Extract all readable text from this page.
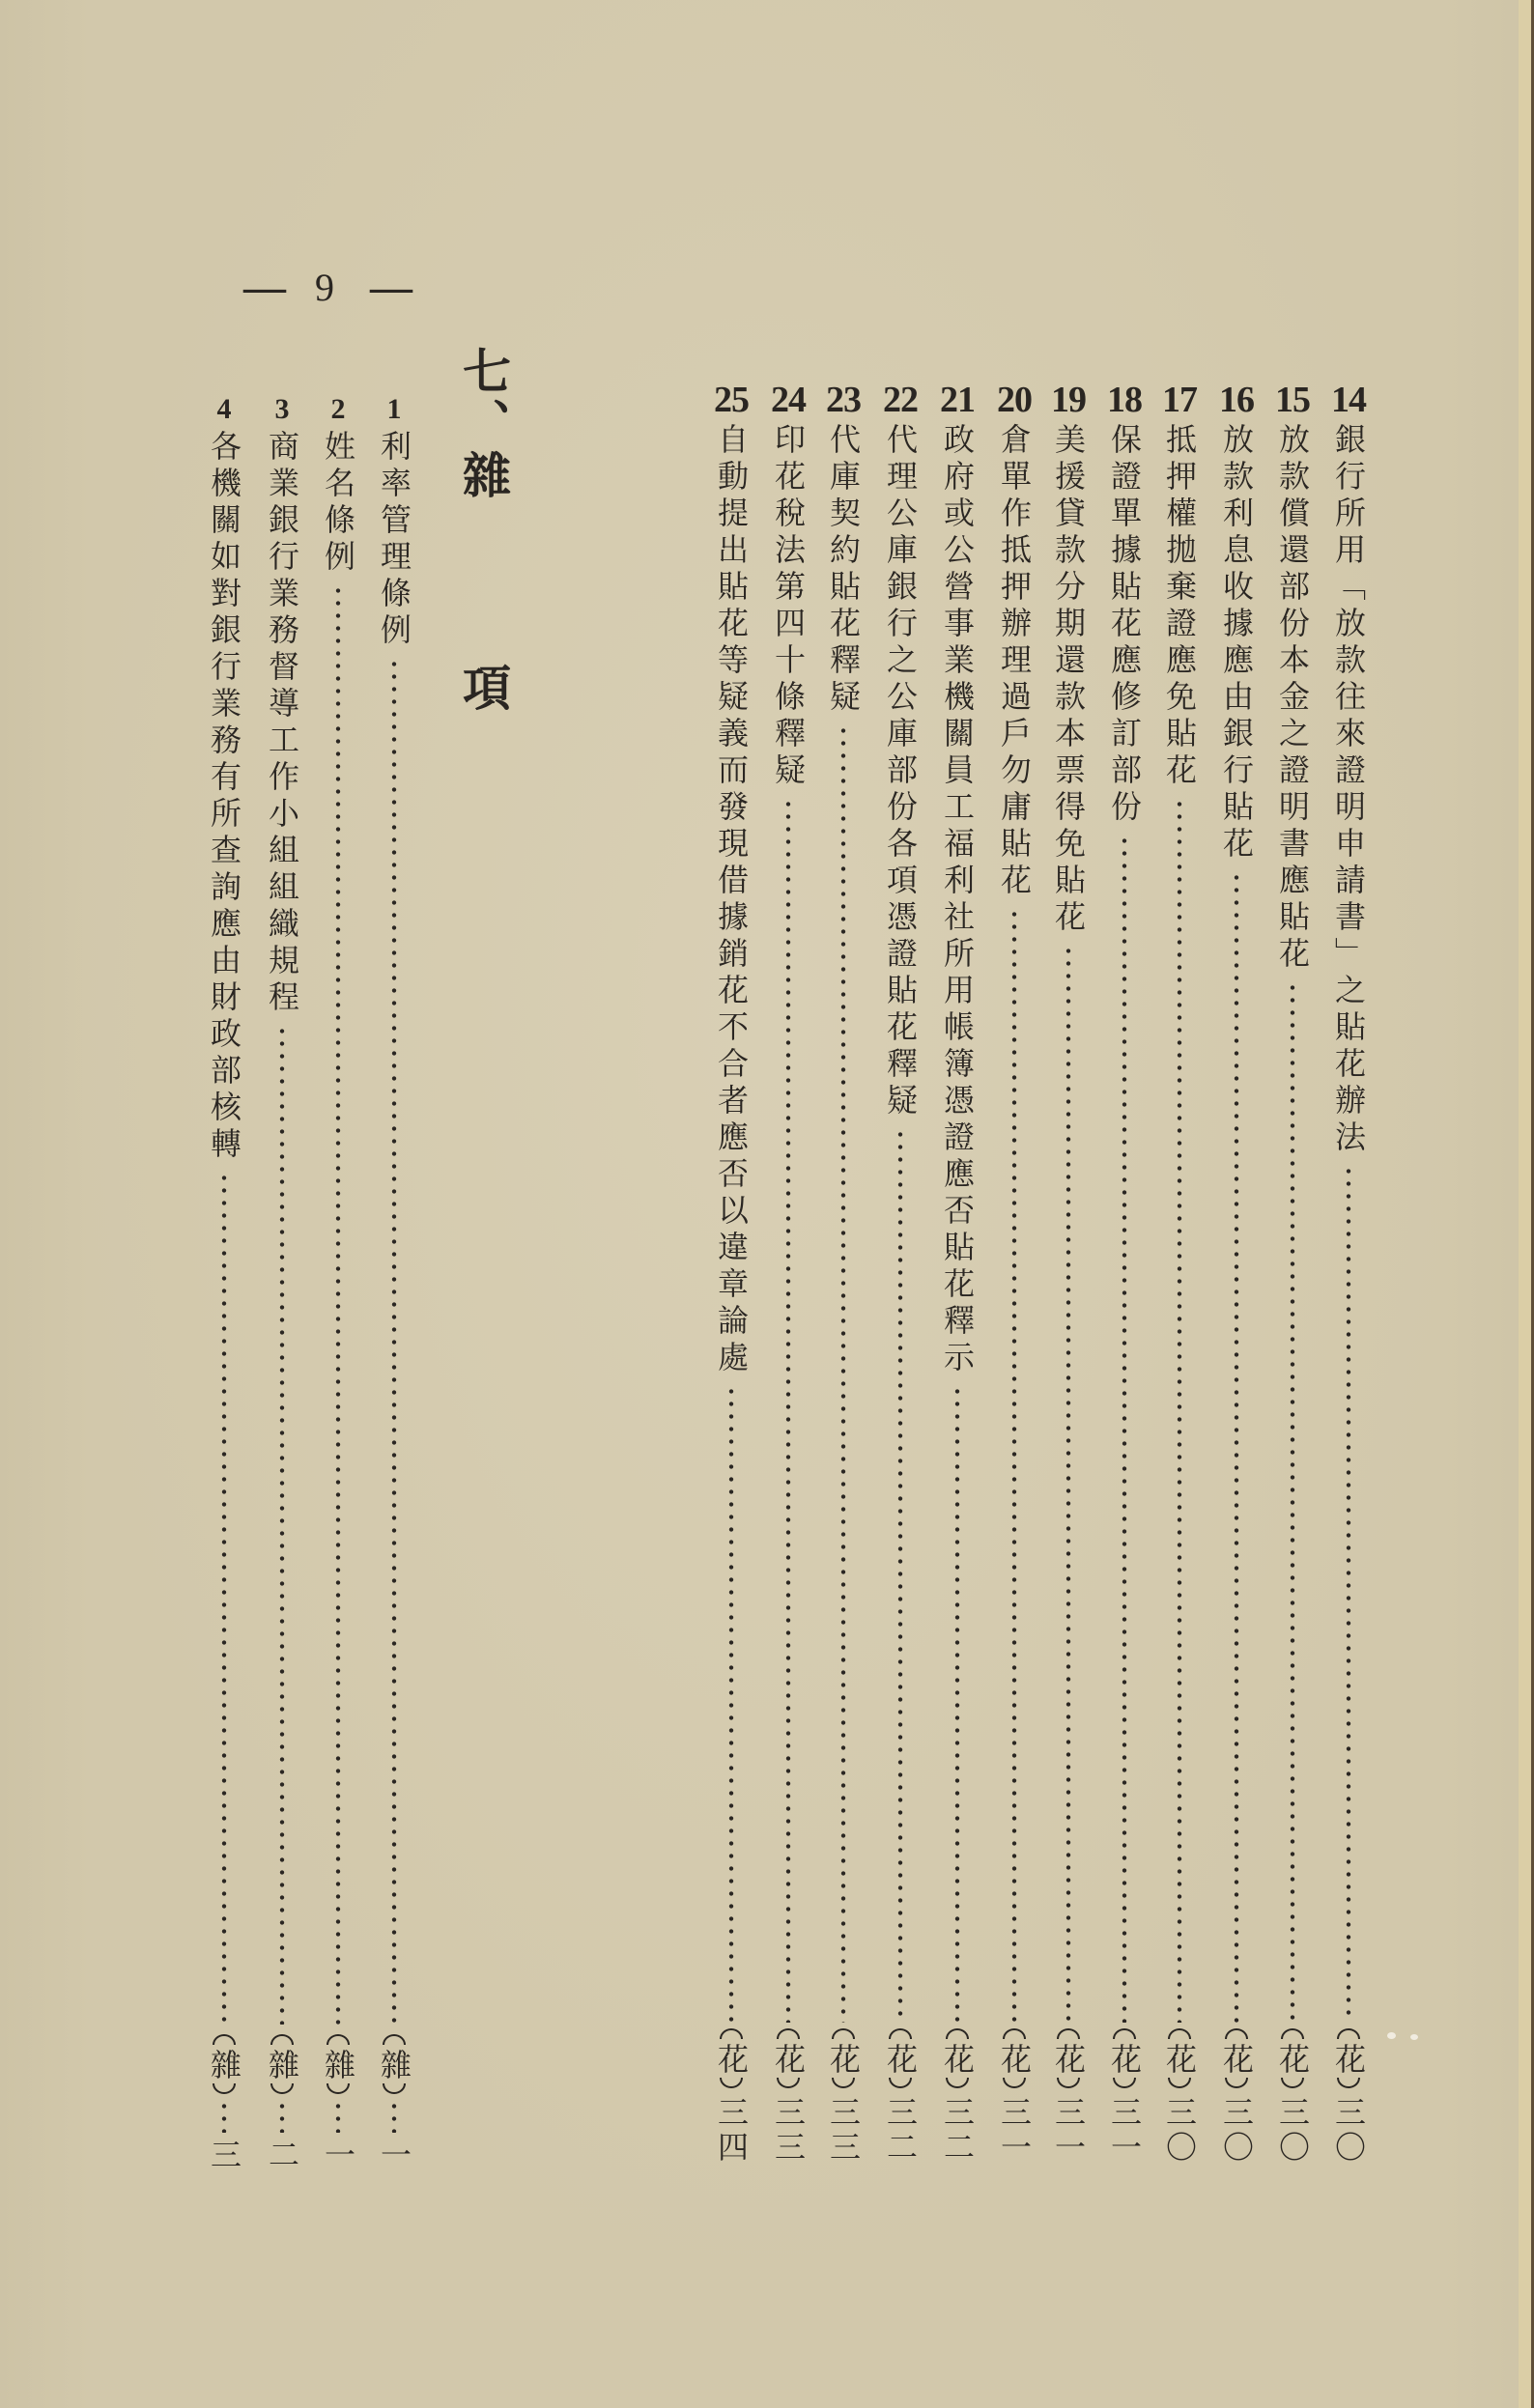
— 9 —
七、雜
項
14
銀行所用「放款往來證明申請書」之貼花辦法
花
三〇
15
放款償還部份本金之證明書應貼花
花
三〇
16
放款利息收據應由銀行貼花
花
三〇
17
抵押權拋棄證應免貼花
花
三〇
18
保證單據貼花應修訂部份
花
三一
19
美援貸款分期還款本票得免貼花
花
三一
20
倉單作抵押辦理過戶勿庸貼花
花
三一
21
政府或公營事業機關員工福利社所用帳簿憑證應否貼花釋示
花
三二
22
代理公庫銀行之公庫部份各項憑證貼花釋疑
花
三二
23
代庫契約貼花釋疑
花
三三
24
印花稅法第四十條釋疑
花
三三
25
自動提出貼花等疑義而發現借據銷花不合者應否以違章論處
花
三四
1
利率管理條例
雜
一
2
姓名條例
雜
一
3
商業銀行業務督導工作小組組織規程
雜
二
4
各機關如對銀行業務有所查詢應由財政部核轉
雜
三
